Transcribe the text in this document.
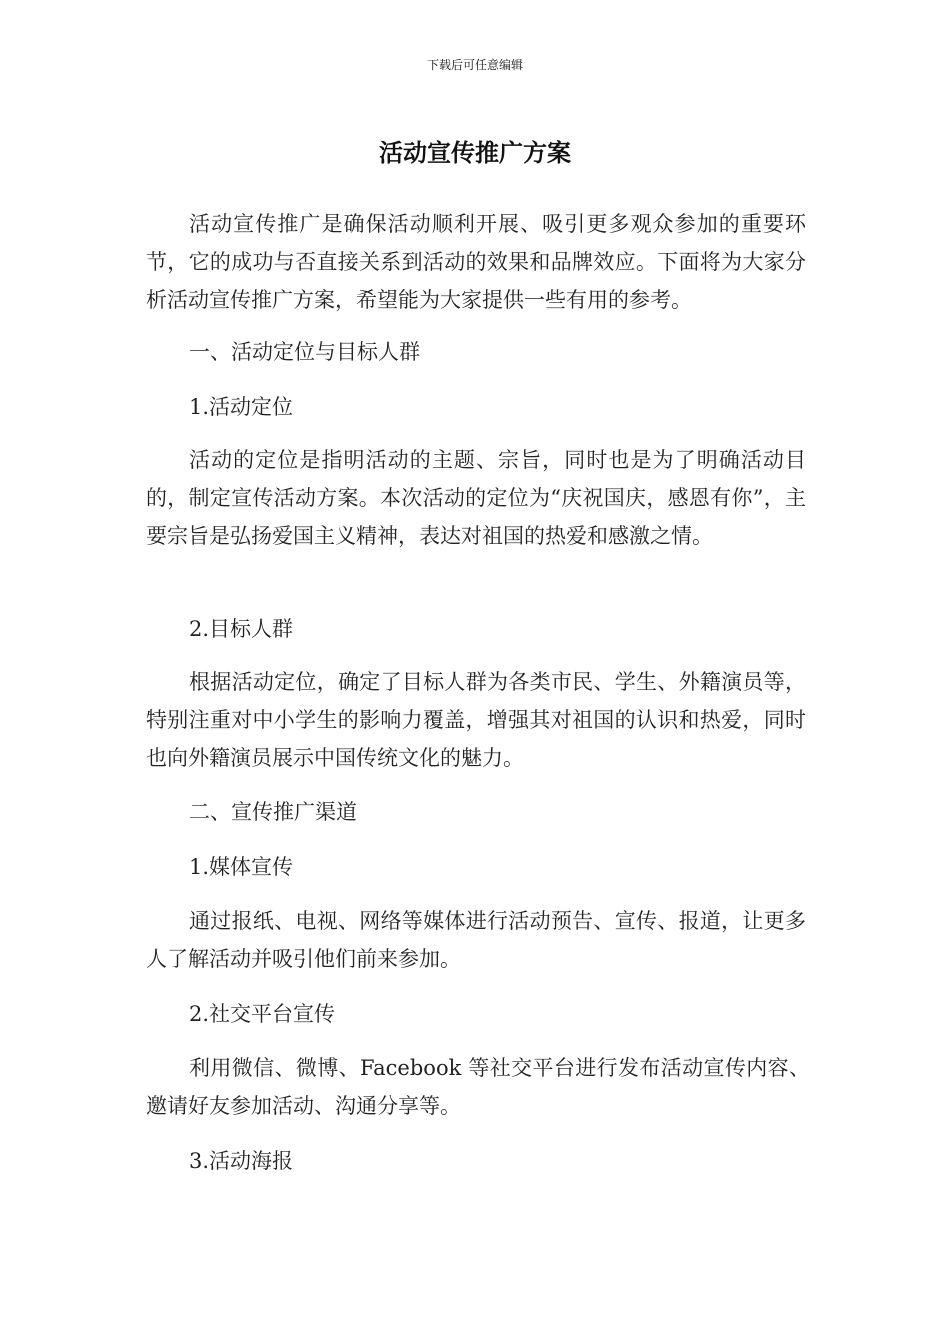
下载后可任意编辑
活动宣传推广方案

活动宣传推广是确保活动顺利开展、吸引更多观众参加的重要环节，它的成功与否直接关系到活动的效果和品牌效应。下面将为大家分析活动宣传推广方案，希望能为大家提供一些有用的参考。

一、活动定位与目标人群
1.活动定位

活动的定位是指明活动的主题、宗旨，同时也是为了明确活动目的，制定宣传活动方案。本次活动的定位为“庆祝国庆，感恩有你”，主要宗旨是弘扬爱国主义精神，表达对祖国的热爱和感激之情。

2.目标人群

根据活动定位，确定了目标人群为各类市民、学生、外籍演员等，特别注重对中小学生的影响力覆盖，增强其对祖国的认识和热爱，同时也向外籍演员展示中国传统文化的魅力。

二、宣传推广渠道
1.媒体宣传

通过报纸、电视、网络等媒体进行活动预告、宣传、报道，让更多人了解活动并吸引他们前来参加。

2.社交平台宣传

利用微信、微博、Facebook 等社交平台进行发布活动宣传内容、邀请好友参加活动、沟通分享等。

3.活动海报
